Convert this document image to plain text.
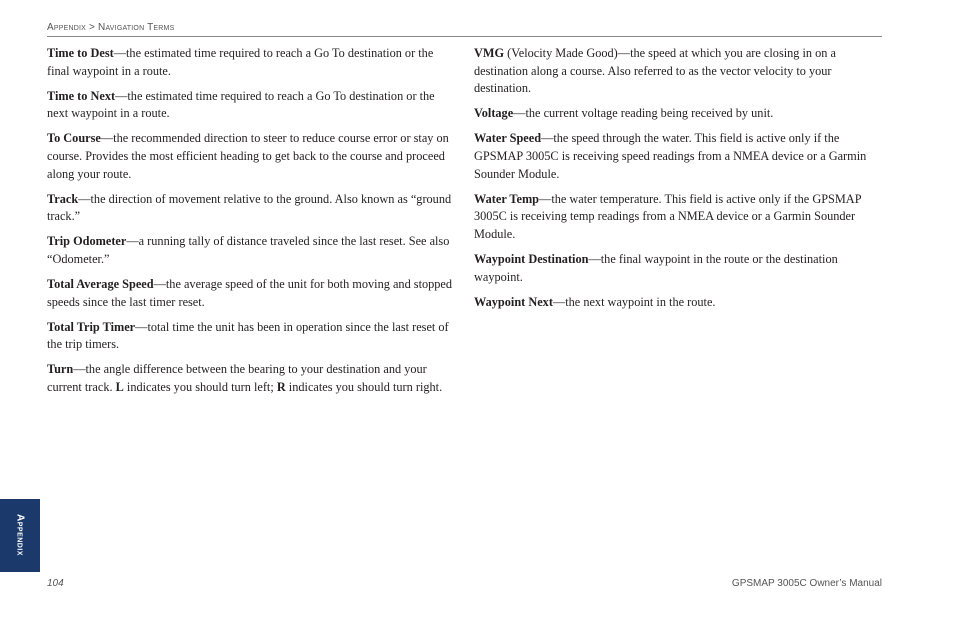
Appendix > Navigation Terms

Time to Dest—the estimated time required to reach a Go To destination or the final waypoint in a route.

Time to Next—the estimated time required to reach a Go To destination or the next waypoint in a route.

To Course—the recommended direction to steer to reduce course error or stay on course. Provides the most efficient heading to get back to the course and proceed along your route.

Track—the direction of movement relative to the ground. Also known as “ground track.”

Trip Odometer—a running tally of distance traveled since the last reset. See also “Odometer.”

Total Average Speed—the average speed of the unit for both moving and stopped speeds since the last timer reset.

Total Trip Timer—total time the unit has been in operation since the last reset of the trip timers.

Turn—the angle difference between the bearing to your destination and your current track. L indicates you should turn left; R indicates you should turn right.

VMG (Velocity Made Good)—the speed at which you are closing in on a destination along a course. Also referred to as the vector velocity to your destination.

Voltage—the current voltage reading being received by unit.

Water Speed—the speed through the water. This field is active only if the GPSMAP 3005C is receiving speed readings from a NMEA device or a Garmin Sounder Module.

Water Temp—the water temperature. This field is active only if the GPSMAP 3005C is receiving temp readings from a NMEA device or a Garmin Sounder Module.

Waypoint Destination—the final waypoint in the route or the destination waypoint.

Waypoint Next—the next waypoint in the route.

Appendix
104	GPSMAP 3005C Owner’s Manual
